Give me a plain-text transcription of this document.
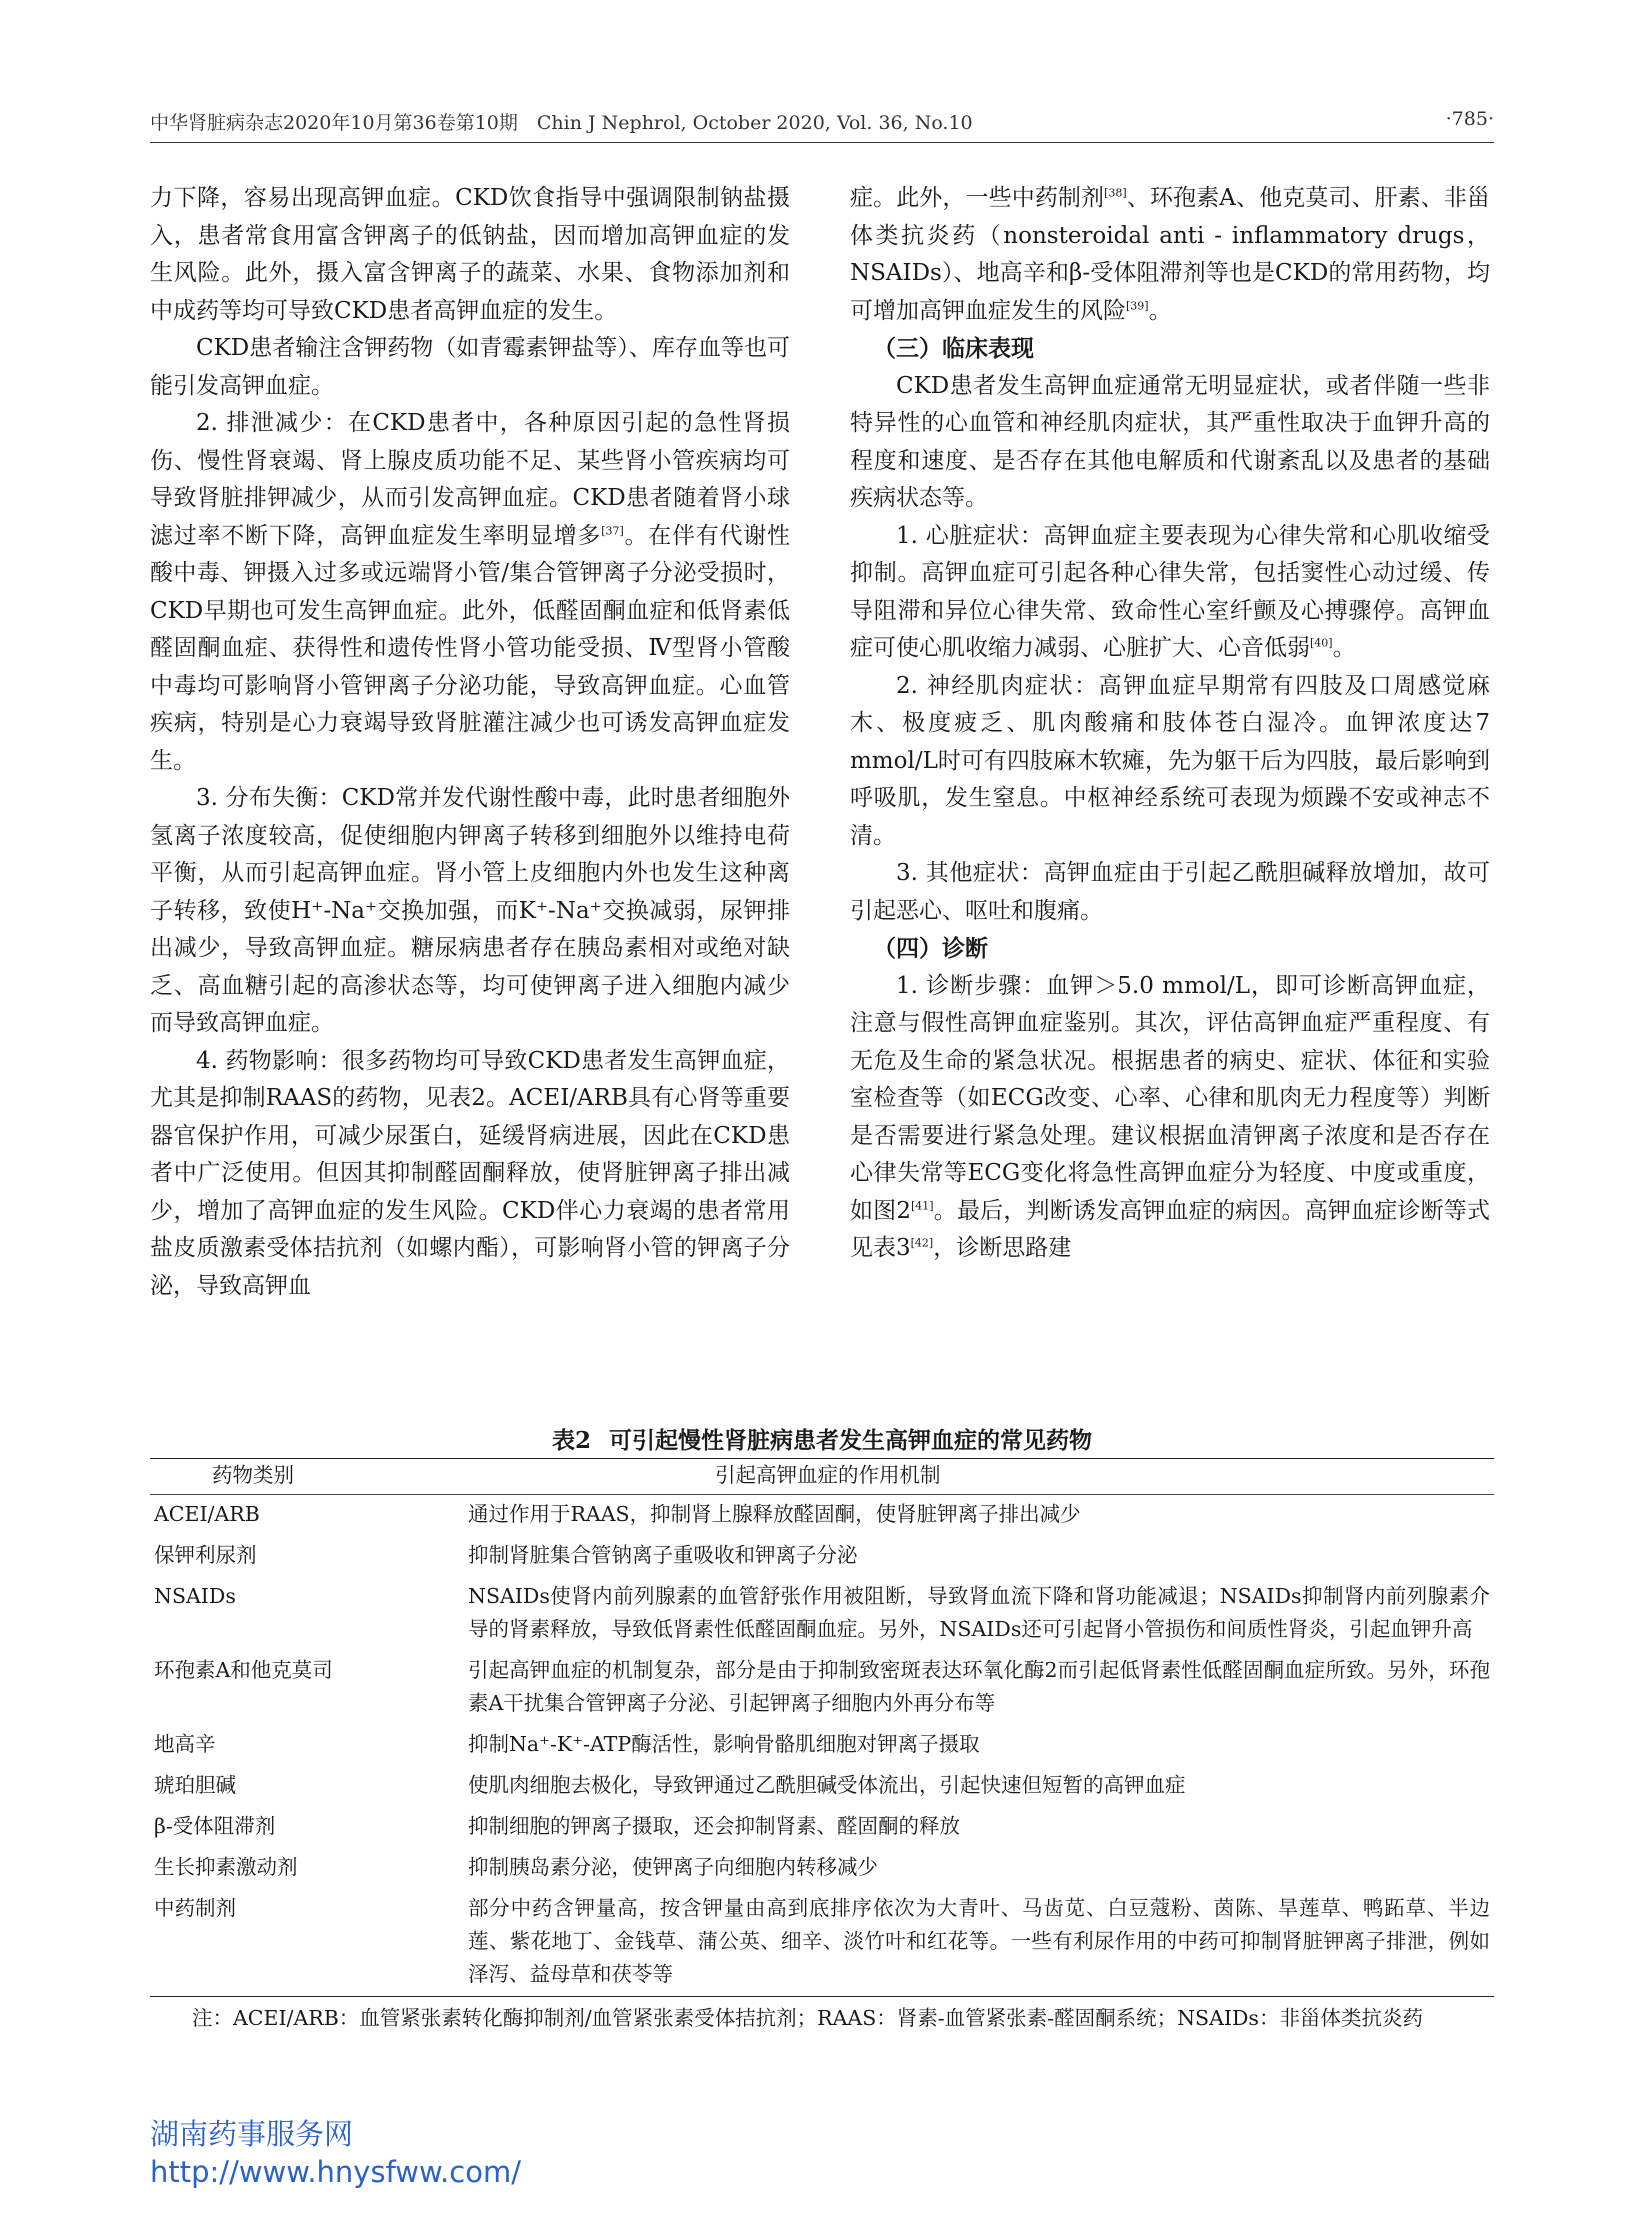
中华肾脏病杂志2020年10月第36卷第10期　Chin J Nephrol, October 2020, Vol. 36, No.10	·785·

力下降，容易出现高钾血症。CKD饮食指导中强调限制钠盐摄入，患者常食用富含钾离子的低钠盐，因而增加高钾血症的发生风险。此外，摄入富含钾离子的蔬菜、水果、食物添加剂和中成药等均可导致CKD患者高钾血症的发生。

CKD患者输注含钾药物（如青霉素钾盐等）、库存血等也可能引发高钾血症。

2. 排泄减少：在CKD患者中，各种原因引起的急性肾损伤、慢性肾衰竭、肾上腺皮质功能不足、某些肾小管疾病均可导致肾脏排钾减少，从而引发高钾血症。CKD患者随着肾小球滤过率不断下降，高钾血症发生率明显增多[37]。在伴有代谢性酸中毒、钾摄入过多或远端肾小管/集合管钾离子分泌受损时，CKD早期也可发生高钾血症。此外，低醛固酮血症和低肾素低醛固酮血症、获得性和遗传性肾小管功能受损、Ⅳ型肾小管酸中毒均可影响肾小管钾离子分泌功能，导致高钾血症。心血管疾病，特别是心力衰竭导致肾脏灌注减少也可诱发高钾血症发生。

3. 分布失衡：CKD常并发代谢性酸中毒，此时患者细胞外氢离子浓度较高，促使细胞内钾离子转移到细胞外以维持电荷平衡，从而引起高钾血症。肾小管上皮细胞内外也发生这种离子转移，致使H⁺-Na⁺交换加强，而K⁺-Na⁺交换减弱，尿钾排出减少，导致高钾血症。糖尿病患者存在胰岛素相对或绝对缺乏、高血糖引起的高渗状态等，均可使钾离子进入细胞内减少而导致高钾血症。

4. 药物影响：很多药物均可导致CKD患者发生高钾血症，尤其是抑制RAAS的药物，见表2。ACEI/ARB具有心肾等重要器官保护作用，可减少尿蛋白，延缓肾病进展，因此在CKD患者中广泛使用。但因其抑制醛固酮释放，使肾脏钾离子排出减少，增加了高钾血症的发生风险。CKD伴心力衰竭的患者常用盐皮质激素受体拮抗剂（如螺内酯），可影响肾小管的钾离子分泌，导致高钾血

症。此外，一些中药制剂[38]、环孢素A、他克莫司、肝素、非甾体类抗炎药（nonsteroidal anti - inflammatory drugs，NSAIDs）、地高辛和β-受体阻滞剂等也是CKD的常用药物，均可增加高钾血症发生的风险[39]。

（三）临床表现

CKD患者发生高钾血症通常无明显症状，或者伴随一些非特异性的心血管和神经肌肉症状，其严重性取决于血钾升高的程度和速度、是否存在其他电解质和代谢紊乱以及患者的基础疾病状态等。

1. 心脏症状：高钾血症主要表现为心律失常和心肌收缩受抑制。高钾血症可引起各种心律失常，包括窦性心动过缓、传导阻滞和异位心律失常、致命性心室纤颤及心搏骤停。高钾血症可使心肌收缩力减弱、心脏扩大、心音低弱[40]。

2. 神经肌肉症状：高钾血症早期常有四肢及口周感觉麻木、极度疲乏、肌肉酸痛和肢体苍白湿冷。血钾浓度达7 mmol/L时可有四肢麻木软瘫，先为躯干后为四肢，最后影响到呼吸肌，发生窒息。中枢神经系统可表现为烦躁不安或神志不清。

3. 其他症状：高钾血症由于引起乙酰胆碱释放增加，故可引起恶心、呕吐和腹痛。

（四）诊断

1. 诊断步骤：血钾＞5.0 mmol/L，即可诊断高钾血症，注意与假性高钾血症鉴别。其次，评估高钾血症严重程度、有无危及生命的紧急状况。根据患者的病史、症状、体征和实验室检查等（如ECG改变、心率、心律和肌肉无力程度等）判断是否需要进行紧急处理。建议根据血清钾离子浓度和是否存在心律失常等ECG变化将急性高钾血症分为轻度、中度或重度，如图2[41]。最后，判断诱发高钾血症的病因。高钾血症诊断等式见表3[42]，诊断思路建

表2 可引起慢性肾脏病患者发生高钾血症的常见药物
药物类别	引起高钾血症的作用机制
ACEI/ARB	通过作用于RAAS，抑制肾上腺释放醛固酮，使肾脏钾离子排出减少
保钾利尿剂	抑制肾脏集合管钠离子重吸收和钾离子分泌
NSAIDs	NSAIDs使肾内前列腺素的血管舒张作用被阻断，导致肾血流下降和肾功能减退；NSAIDs抑制肾内前列腺素介导的肾素释放，导致低肾素性低醛固酮血症。另外，NSAIDs还可引起肾小管损伤和间质性肾炎，引起血钾升高
环孢素A和他克莫司	引起高钾血症的机制复杂，部分是由于抑制致密斑表达环氧化酶2而引起低肾素性低醛固酮血症所致。另外，环孢素A干扰集合管钾离子分泌、引起钾离子细胞内外再分布等
地高辛	抑制Na⁺-K⁺-ATP酶活性，影响骨骼肌细胞对钾离子摄取
琥珀胆碱	使肌肉细胞去极化，导致钾通过乙酰胆碱受体流出，引起快速但短暂的高钾血症
β-受体阻滞剂	抑制细胞的钾离子摄取，还会抑制肾素、醛固酮的释放
生长抑素激动剂	抑制胰岛素分泌，使钾离子向细胞内转移减少
中药制剂	部分中药含钾量高，按含钾量由高到底排序依次为大青叶、马齿苋、白豆蔻粉、茵陈、旱莲草、鸭跖草、半边莲、紫花地丁、金钱草、蒲公英、细辛、淡竹叶和红花等。一些有利尿作用的中药可抑制肾脏钾离子排泄，例如泽泻、益母草和茯苓等
注：ACEI/ARB：血管紧张素转化酶抑制剂/血管紧张素受体拮抗剂；RAAS：肾素-血管紧张素-醛固酮系统；NSAIDs：非甾体类抗炎药
湖南药事服务网
http://www.hnysfww.com/
